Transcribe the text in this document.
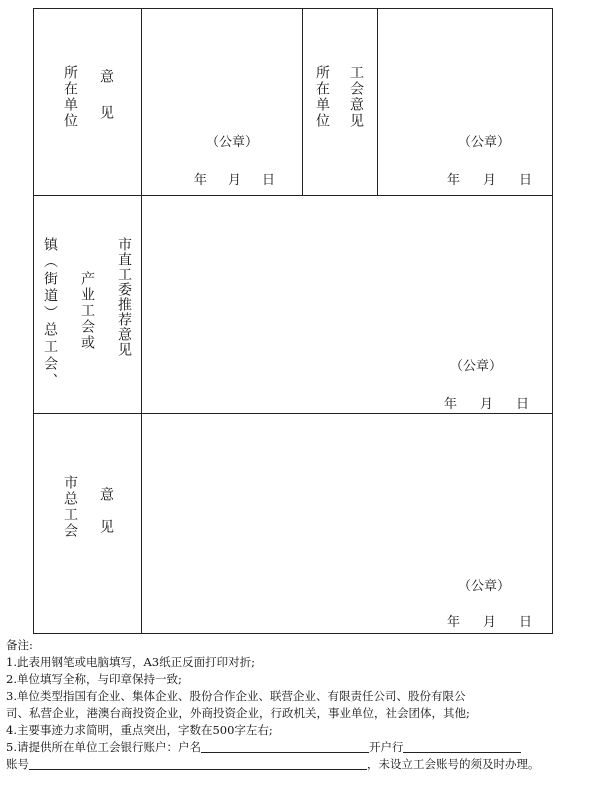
所在单位 意见
（公章）
年 月 日
所在单位 工会意见
（公章）
年 月 日
镇（街道）总工会、 产业工会或 市直工委推荐意见
（公章）
年 月 日
市总工会 意见
（公章）
年 月 日
备注:
1.此表用钢笔或电脑填写，A3纸正反面打印对折;
2.单位填写全称，与印章保持一致;
3.单位类型指国有企业、集体企业、股份合作企业、联营企业、有限责任公司、股份有限公
司、私营企业，港澳台商投资企业，外商投资企业，行政机关，事业单位，社会团体，其他;
4.主要事迹力求简明，重点突出，字数在500字左右;
5.请提供所在单位工会银行账户：户名	开户行
账号	，未设立工会账号的须及时办理。
